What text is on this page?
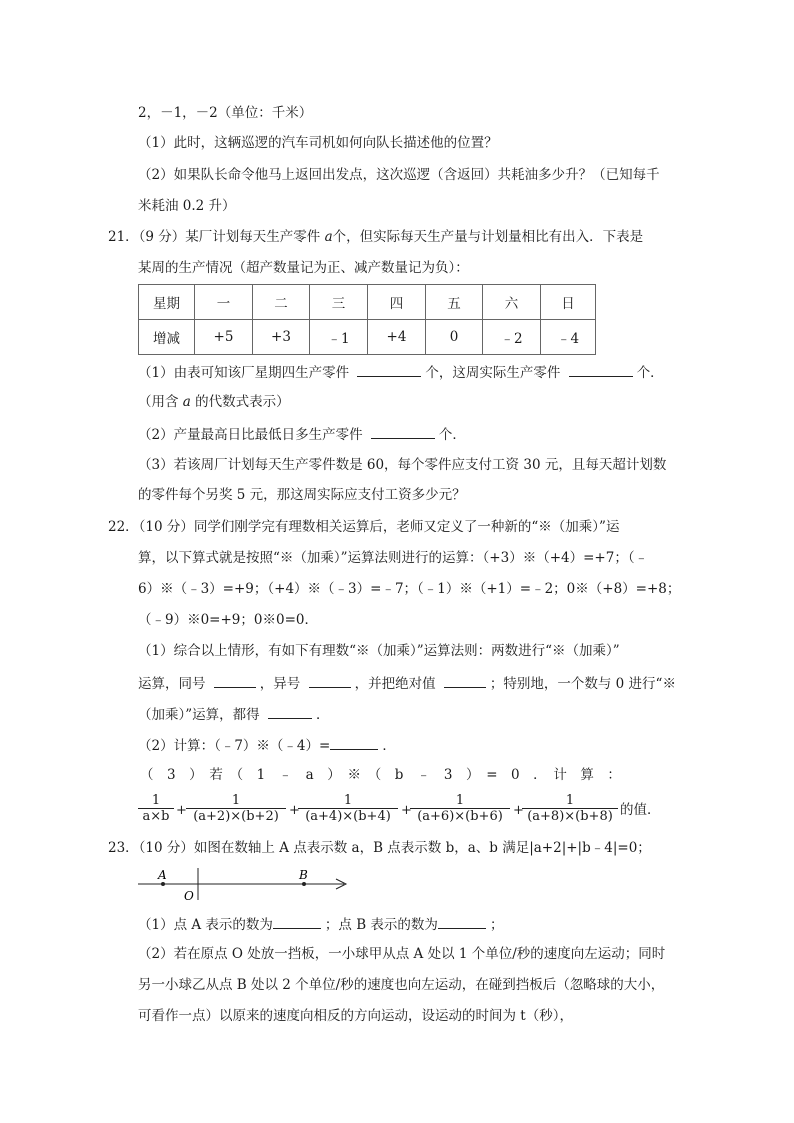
2，－1，－2（单位：千米）
（1）此时，这辆巡逻的汽车司机如何向队长描述他的位置？
（2）如果队长命令他马上返回出发点，这次巡逻（含返回）共耗油多少升？（已知每千
米耗油 0.2 升）
21．（9 分）某厂计划每天生产零件 a个，但实际每天生产量与计划量相比有出入．下表是
某周的生产情况（超产数量记为正、减产数量记为负）：
星期	一	二	三	四	五	六	日
增减	+5	+3	﹣1	+4	0	﹣2	﹣4
（1）由表可知该厂星期四生产零件	个，这周实际生产零件	个．
（用含 a 的代数式表示）
（2）产量最高日比最低日多生产零件	个．
（3）若该周厂计划每天生产零件数是 60，每个零件应支付工资 30 元，且每天超计划数
的零件每个另奖 5 元，那这周实际应支付工资多少元？
22．（10 分）同学们刚学完有理数相关运算后，老师又定义了一种新的“※（加乘）”运
算，以下算式就是按照“※（加乘）”运算法则进行的运算：（+3）※（+4）=+7；（﹣
6）※（﹣3）=+9；（+4）※（﹣3）=﹣7；（﹣1）※（+1）=﹣2；0※（+8）=+8；
（﹣9）※0=+9；0※0=0．
（1）综合以上情形，有如下有理数“※（加乘）”运算法则：两数进行“※（加乘）”
运算，同号	，异号	，并把绝对值	；特别地，一个数与 0 进行“※
（加乘）”运算，都得	．
（2）计算：（﹣7）※（﹣4）=	．
（　3　）　若　（　1　﹣　a　）　※　（　b　﹣　3　）　=　0　．　计　算　：
1
a×b +
1
(a+2)×(b+2) +
1
(a+4)×(b+4) +
1
(a+6)×(b+6) +
1
(a+8)×(b+8) 的值．
23．（10 分）如图在数轴上 A 点表示数 a，B 点表示数 b，a、b 满足|a+2|+|b﹣4|=0；
A
O
B
（1）点 A 表示的数为	；点 B 表示的数为	；
（2）若在原点 O 处放一挡板，一小球甲从点 A 处以 1 个单位/秒的速度向左运动；同时
另一小球乙从点 B 处以 2 个单位/秒的速度也向左运动，在碰到挡板后（忽略球的大小，
可看作一点）以原来的速度向相反的方向运动，设运动的时间为 t（秒），
